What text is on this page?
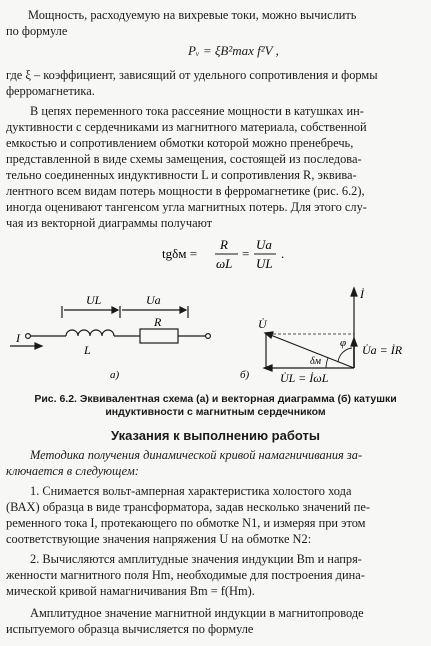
Мощность, расходуемую на вихревые токи, можно вычислить
по формуле
Pᵥ = ξB²max f²V ,
где ξ – коэффициент, зависящий от удельного сопротивления и формы
ферромагнетика.
В цепях переменного тока рассеяние мощности в катушках ин-
дуктивности с сердечниками из магнитного материала, собственной
емкостью и сопротивлением обмотки которой можно пренебречь,
представленной в виде схемы замещения, состоящей из последова-
тельно соединенных индуктивности L и сопротивления R, эквива-
лентного всем видам потерь мощности в ферромагнетике (рис. 6.2),
иногда оценивают тангенсом угла магнитных потерь. Для этого слу-
чая из векторной диаграммы получают
tgδм =
R
ωL
=
Ua
UL
.
UL	Ua
I
L
R
а)
İ
U̇
φ
δм
U̇a = İR
U̇L = İωL
б)
Рис. 6.2. Эквивалентная схема (а) и векторная диаграмма (б) катушки
индуктивности с магнитным сердечником
Указания к выполнению работы
Методика получения динамической кривой намагничивания за-
ключается в следующем:
1. Снимается вольт-амперная характеристика холостого хода
(ВАХ) образца в виде трансформатора, задав несколько значений пе-
ременного тока I, протекающего по обмотке N1, и измеряя при этом
соответствующие значения напряжения U на обмотке N2:
2. Вычисляются амплитудные значения индукции Bm и напря-
женности магнитного поля Hm, необходимые для построения дина-
мической кривой намагничивания Bm = f(Hm).
Амплитудное значение магнитной индукции в магнитопроводе
испытуемого образца вычисляется по формуле
